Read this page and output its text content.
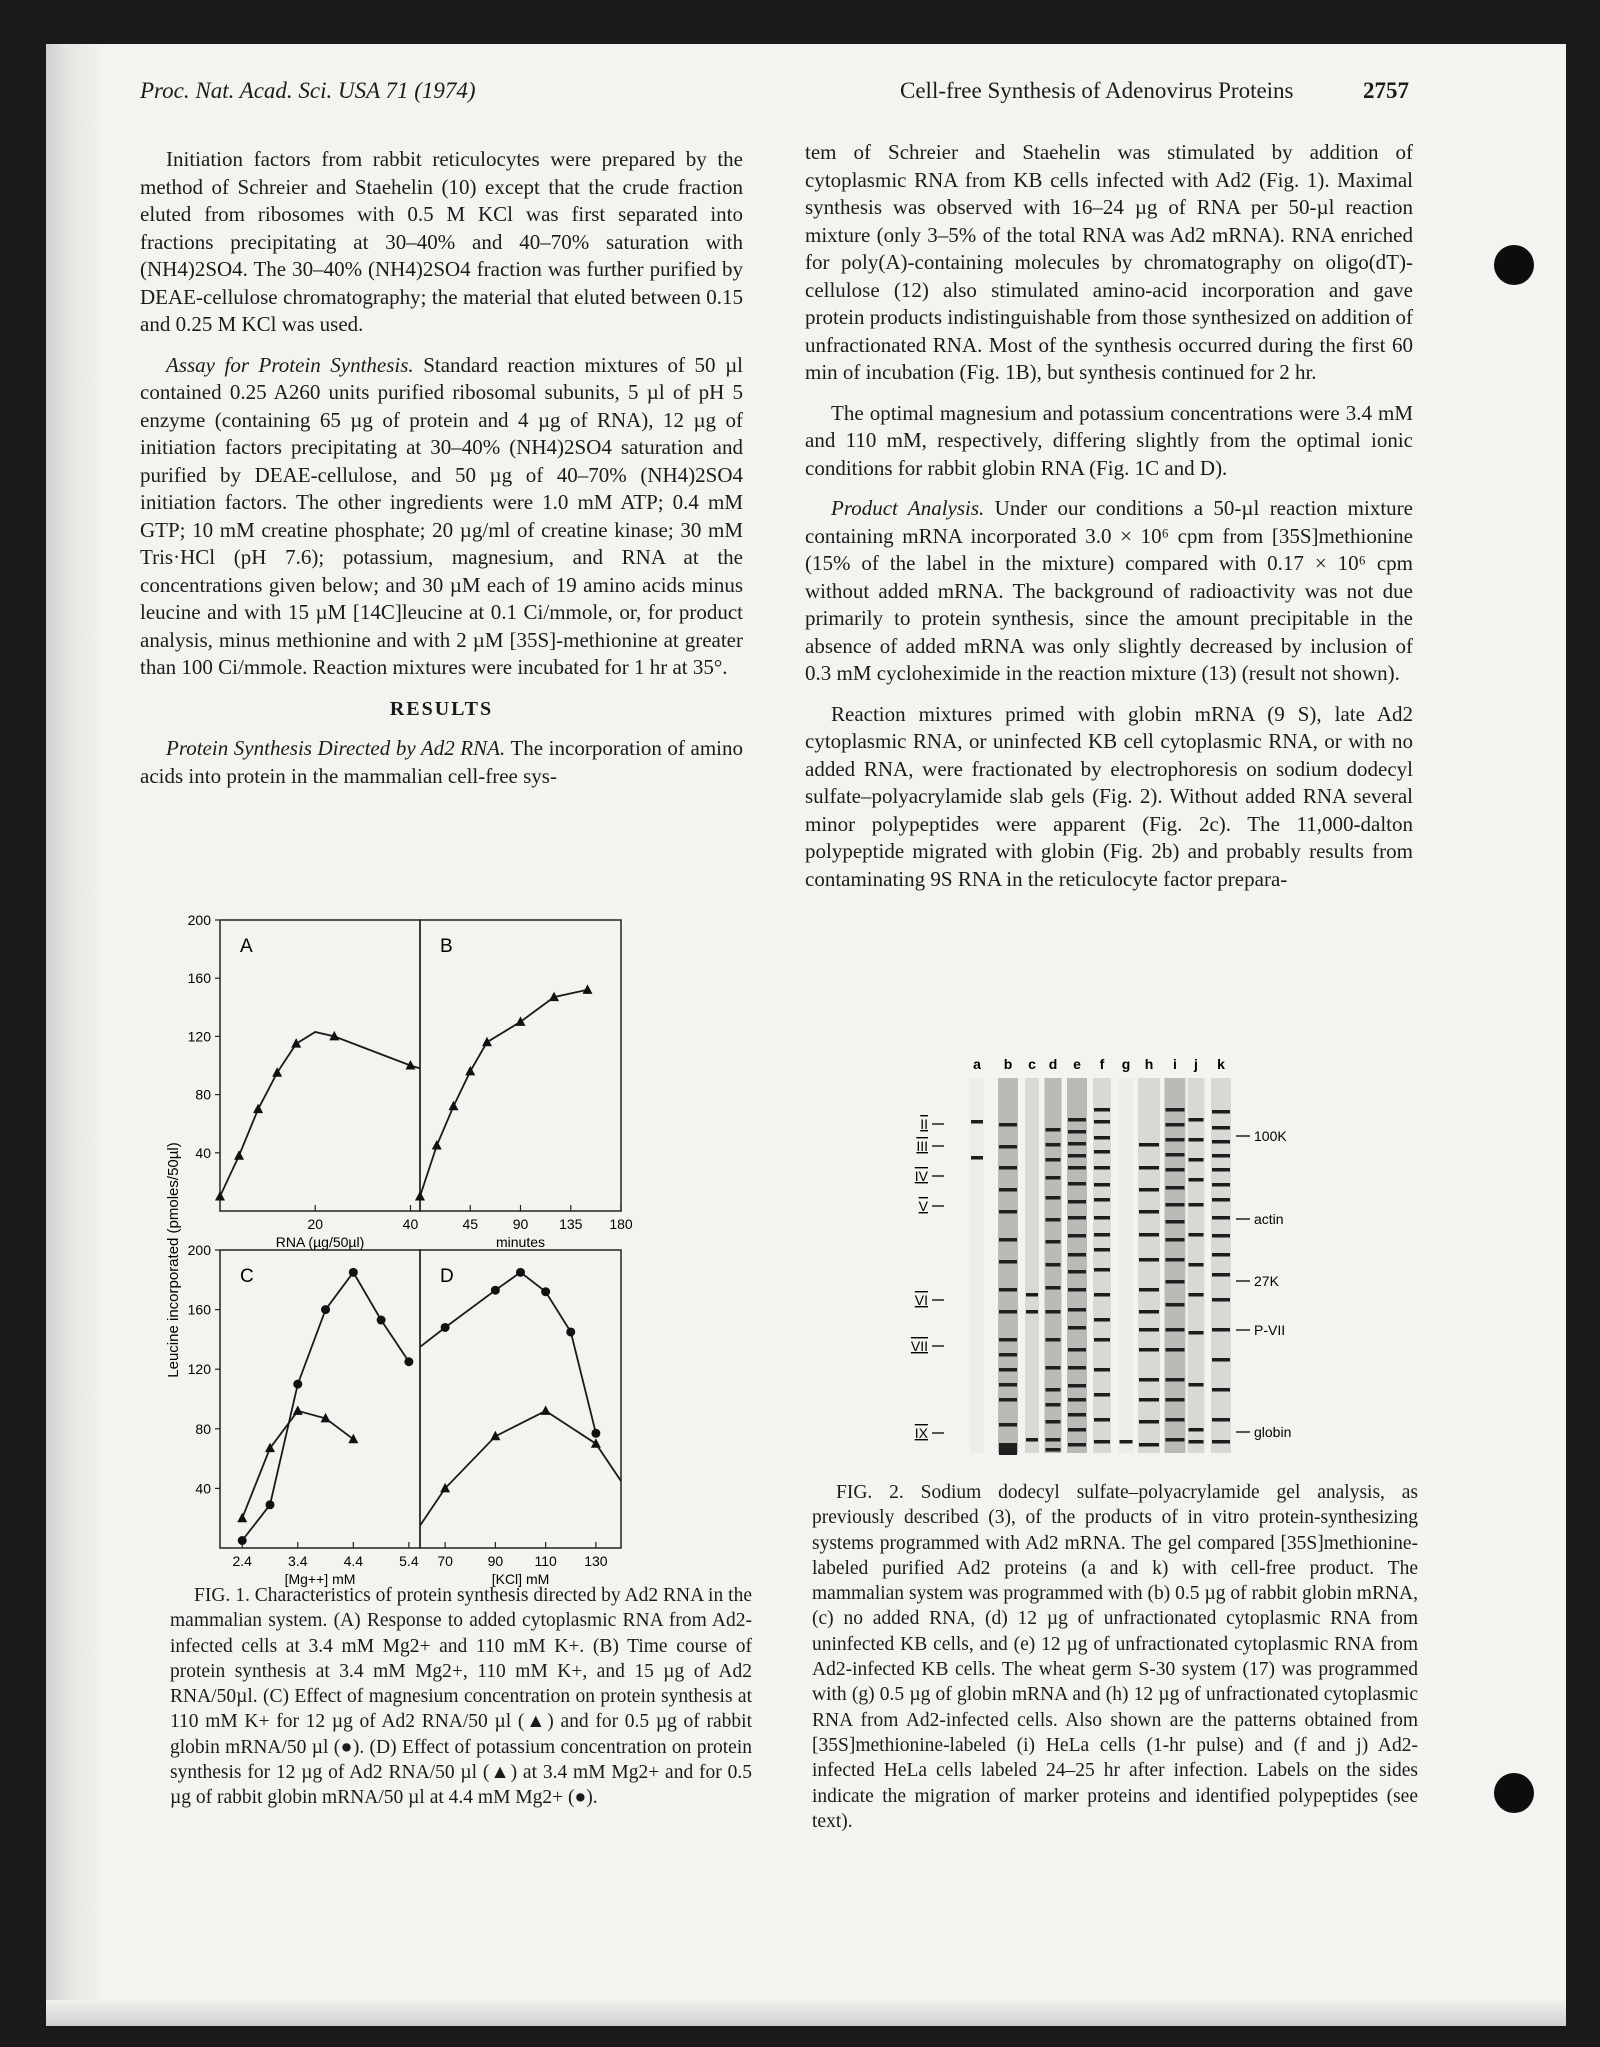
Proc. Nat. Acad. Sci. USA 71 (1974)	Cell-free Synthesis of Adenovirus Proteins	2757

Initiation factors from rabbit reticulocytes were prepared by the method of Schreier and Staehelin (10) except that the crude fraction eluted from ribosomes with 0.5 M KCl was first separated into fractions precipitating at 30–40% and 40–70% saturation with (NH4)2SO4. The 30–40% (NH4)2SO4 fraction was further purified by DEAE-cellulose chromatography; the material that eluted between 0.15 and 0.25 M KCl was used.

Assay for Protein Synthesis. Standard reaction mixtures of 50 µl contained 0.25 A260 units purified ribosomal subunits, 5 µl of pH 5 enzyme (containing 65 µg of protein and 4 µg of RNA), 12 µg of initiation factors precipitating at 30–40% (NH4)2SO4 saturation and purified by DEAE-cellulose, and 50 µg of 40–70% (NH4)2SO4 initiation factors. The other ingredients were 1.0 mM ATP; 0.4 mM GTP; 10 mM creatine phosphate; 20 µg/ml of creatine kinase; 30 mM Tris·HCl (pH 7.6); potassium, magnesium, and RNA at the concentrations given below; and 30 µM each of 19 amino acids minus leucine and with 15 µM [14C]leucine at 0.1 Ci/mmole, or, for product analysis, minus methionine and with 2 µM [35S]-methionine at greater than 100 Ci/mmole. Reaction mixtures were incubated for 1 hr at 35°.

RESULTS

Protein Synthesis Directed by Ad2 RNA. The incorporation of amino acids into protein in the mammalian cell-free sys-

tem of Schreier and Staehelin was stimulated by addition of cytoplasmic RNA from KB cells infected with Ad2 (Fig. 1). Maximal synthesis was observed with 16–24 µg of RNA per 50-µl reaction mixture (only 3–5% of the total RNA was Ad2 mRNA). RNA enriched for poly(A)-containing molecules by chromatography on oligo(dT)-cellulose (12) also stimulated amino-acid incorporation and gave protein products indistinguishable from those synthesized on addition of unfractionated RNA. Most of the synthesis occurred during the first 60 min of incubation (Fig. 1B), but synthesis continued for 2 hr.

The optimal magnesium and potassium concentrations were 3.4 mM and 110 mM, respectively, differing slightly from the optimal ionic conditions for rabbit globin RNA (Fig. 1C and D).

Product Analysis. Under our conditions a 50-µl reaction mixture containing mRNA incorporated 3.0 × 10⁶ cpm from [35S]methionine (15% of the label in the mixture) compared with 0.17 × 10⁶ cpm without added mRNA. The background of radioactivity was not due primarily to protein synthesis, since the amount precipitable in the absence of added mRNA was only slightly decreased by inclusion of 0.3 mM cycloheximide in the reaction mixture (13) (result not shown).

Reaction mixtures primed with globin mRNA (9 S), late Ad2 cytoplasmic RNA, or uninfected KB cell cytoplasmic RNA, or with no added RNA, were fractionated by electrophoresis on sodium dodecyl sulfate–polyacrylamide slab gels (Fig. 2). Without added RNA several minor polypeptides were apparent (Fig. 2c). The 11,000-dalton polypeptide migrated with globin (Fig. 2b) and probably results from contaminating 9S RNA in the reticulocyte factor prepara-

Leucine incorporated (pmoles/50µl)
A
20	40
40
80
120
160
200
RNA (µg/50µl)
B
45 90 135 180
minutes
C
2.4	3.4	4.4	5.4
40
80
120
160
200
[Mg++] mM
D
70 90 110 130
[KCl] mM

FIG. 1. Characteristics of protein synthesis directed by Ad2 RNA in the mammalian system. (A) Response to added cytoplasmic RNA from Ad2-infected cells at 3.4 mM Mg2+ and 110 mM K+. (B) Time course of protein synthesis at 3.4 mM Mg2+, 110 mM K+, and 15 µg of Ad2 RNA/50µl. (C) Effect of magnesium concentration on protein synthesis at 110 mM K+ for 12 µg of Ad2 RNA/50 µl (▲) and for 0.5 µg of rabbit globin mRNA/50 µl (●). (D) Effect of potassium concentration on protein synthesis for 12 µg of Ad2 RNA/50 µl (▲) at 3.4 mM Mg2+ and for 0.5 µg of rabbit globin mRNA/50 µl at 4.4 mM Mg2+ (●).

a b c d e f g h i j k
II
III
IV
V
VI
VII
IX
100K
actin
27K
P-VII
globin

FIG. 2. Sodium dodecyl sulfate–polyacrylamide gel analysis, as previously described (3), of the products of in vitro protein-synthesizing systems programmed with Ad2 mRNA. The gel compared [35S]methionine-labeled purified Ad2 proteins (a and k) with cell-free product. The mammalian system was programmed with (b) 0.5 µg of rabbit globin mRNA, (c) no added RNA, (d) 12 µg of unfractionated cytoplasmic RNA from uninfected KB cells, and (e) 12 µg of unfractionated cytoplasmic RNA from Ad2-infected KB cells. The wheat germ S-30 system (17) was programmed with (g) 0.5 µg of globin mRNA and (h) 12 µg of unfractionated cytoplasmic RNA from Ad2-infected cells. Also shown are the patterns obtained from [35S]methionine-labeled (i) HeLa cells (1-hr pulse) and (f and j) Ad2-infected HeLa cells labeled 24–25 hr after infection. Labels on the sides indicate the migration of marker proteins and identified polypeptides (see text).
